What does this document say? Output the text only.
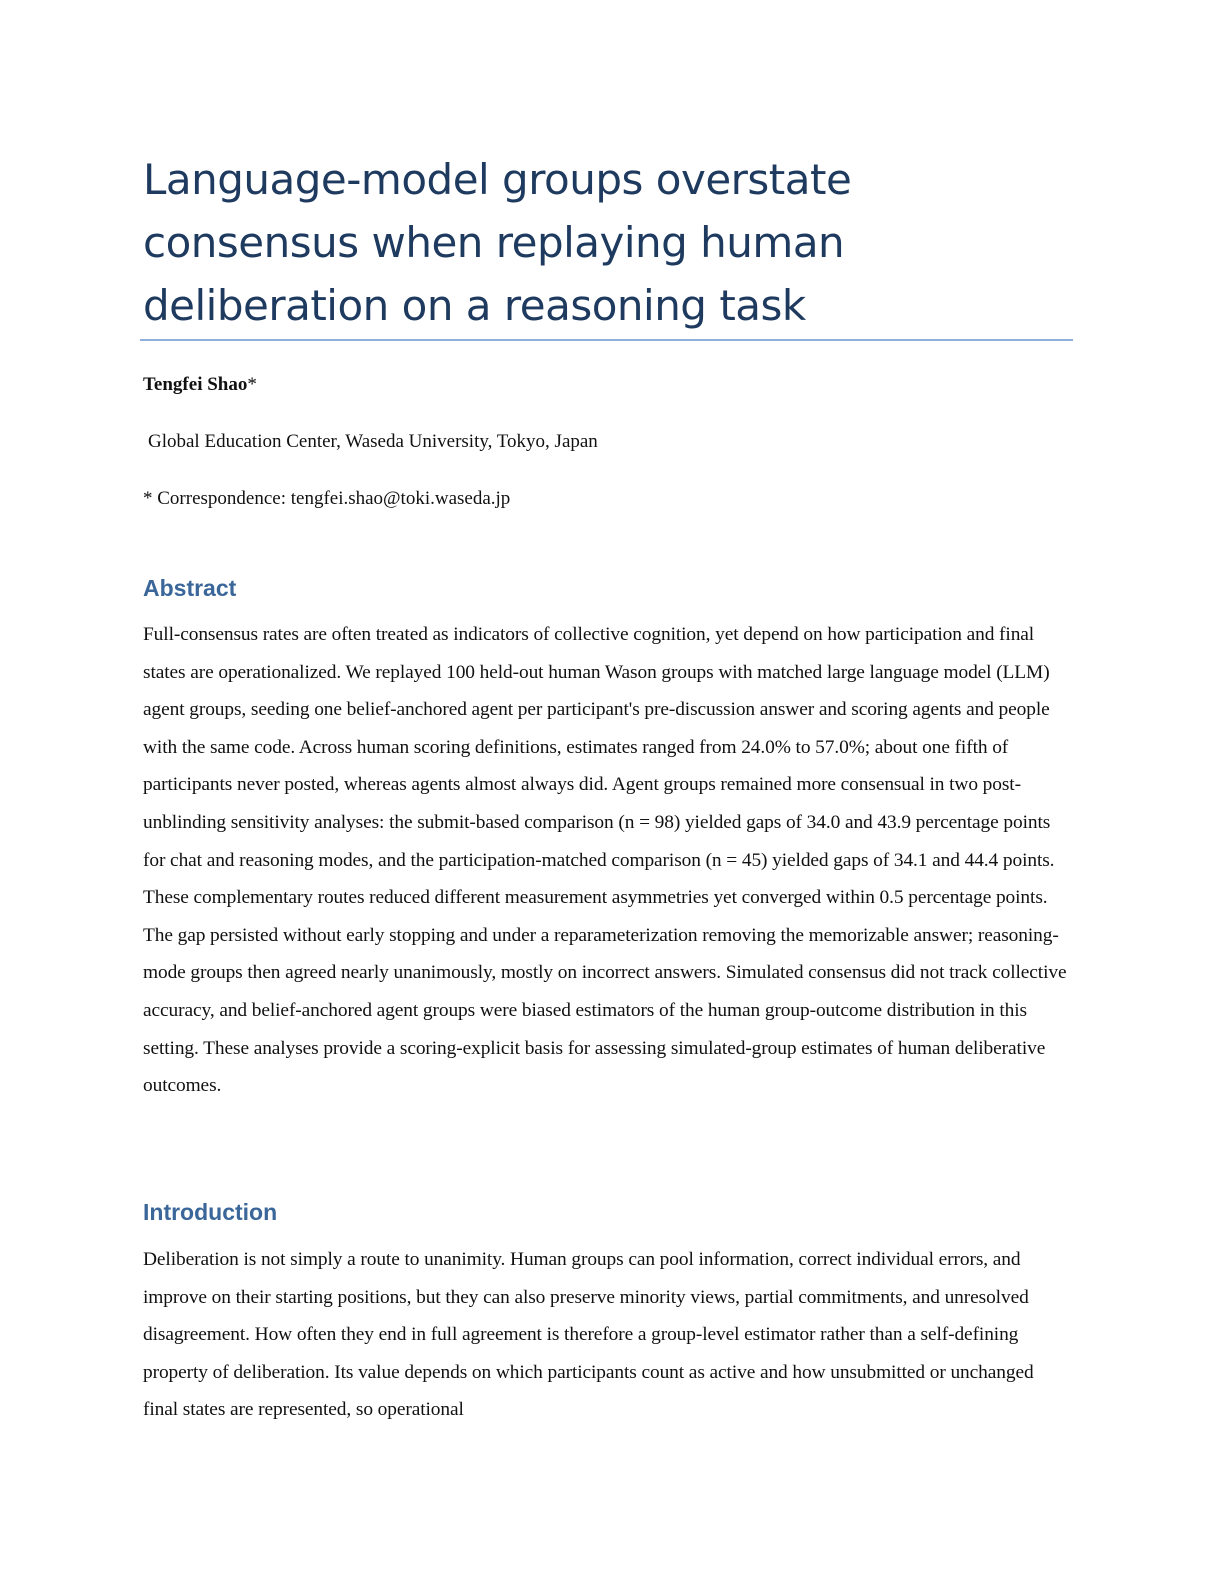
Language-model groups overstate consensus when replaying human deliberation on a reasoning task
Tengfei Shao*
Global Education Center, Waseda University, Tokyo, Japan
* Correspondence: tengfei.shao@toki.waseda.jp
Abstract

Full-consensus rates are often treated as indicators of collective cognition, yet depend on how participation and final states are operationalized. We replayed 100 held-out human Wason groups with matched large language model (LLM) agent groups, seeding one belief-anchored agent per participant's pre-discussion answer and scoring agents and people with the same code. Across human scoring definitions, estimates ranged from 24.0% to 57.0%; about one fifth of participants never posted, whereas agents almost always did. Agent groups remained more consensual in two post-unblinding sensitivity analyses: the submit-based comparison (n = 98) yielded gaps of 34.0 and 43.9 percentage points for chat and reasoning modes, and the participation-matched comparison (n = 45) yielded gaps of 34.1 and 44.4 points. These complementary routes reduced different measurement asymmetries yet converged within 0.5 percentage points. The gap persisted without early stopping and under a reparameterization removing the memorizable answer; reasoning-mode groups then agreed nearly unanimously, mostly on incorrect answers. Simulated consensus did not track collective accuracy, and belief-anchored agent groups were biased estimators of the human group-outcome distribution in this setting. These analyses provide a scoring-explicit basis for assessing simulated-group estimates of human deliberative outcomes.

Introduction

Deliberation is not simply a route to unanimity. Human groups can pool information, correct individual errors, and improve on their starting positions, but they can also preserve minority views, partial commitments, and unresolved disagreement. How often they end in full agreement is therefore a group-level estimator rather than a self-defining property of deliberation. Its value depends on which participants count as active and how unsubmitted or unchanged final states are represented, so operational
